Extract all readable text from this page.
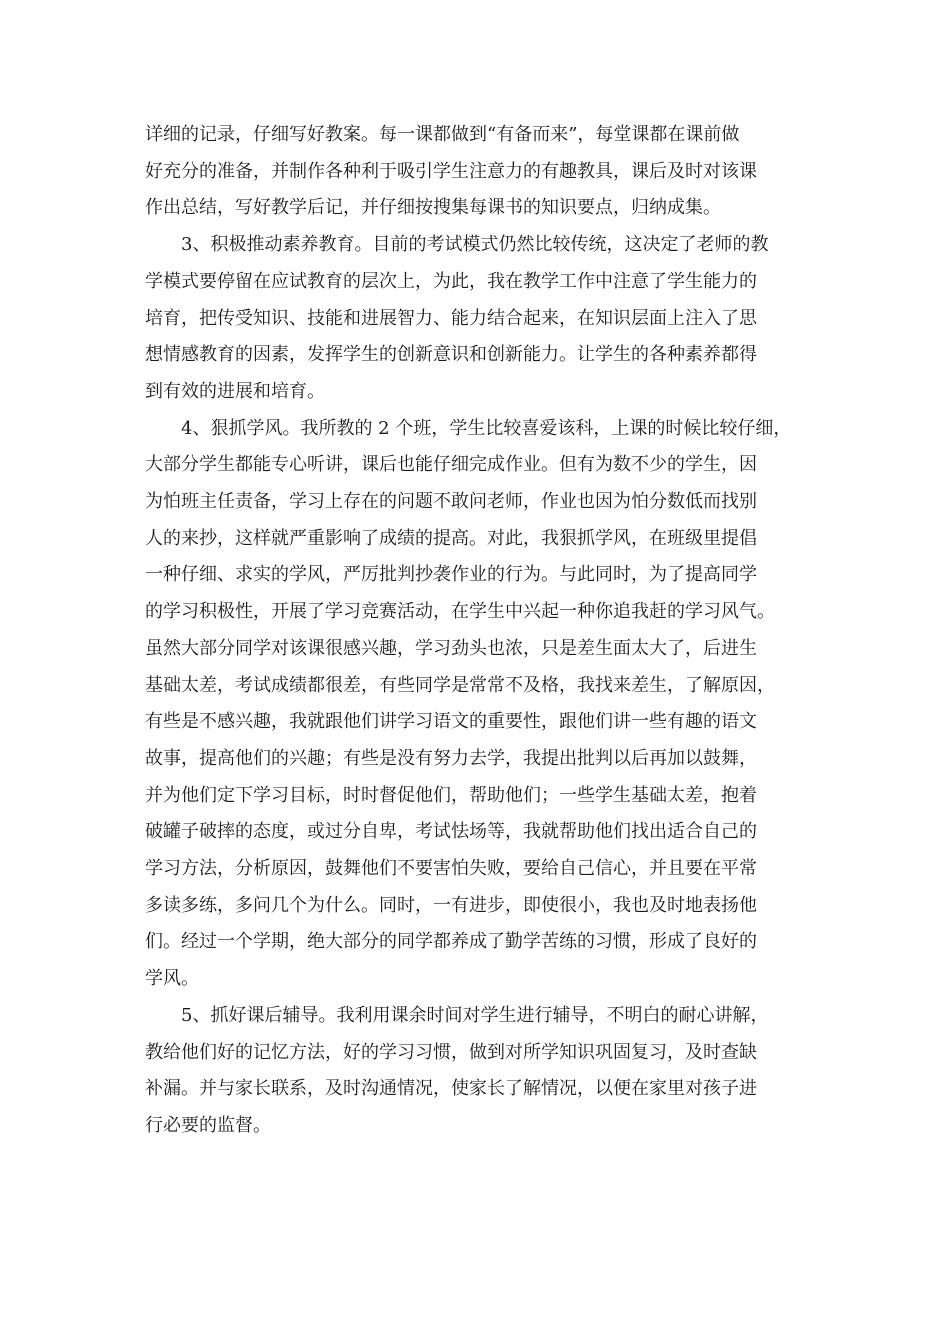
详细的记录，仔细写好教案。每一课都做到“有备而来”，每堂课都在课前做
好充分的准备，并制作各种利于吸引学生注意力的有趣教具，课后及时对该课
作出总结，写好教学后记，并仔细按搜集每课书的知识要点，归纳成集。
3、积极推动素养教育。目前的考试模式仍然比较传统，这决定了老师的教
学模式要停留在应试教育的层次上，为此，我在教学工作中注意了学生能力的
培育，把传受知识、技能和进展智力、能力结合起来，在知识层面上注入了思
想情感教育的因素，发挥学生的创新意识和创新能力。让学生的各种素养都得
到有效的进展和培育。
4、狠抓学风。我所教的 2 个班，学生比较喜爱该科，上课的时候比较仔细，
大部分学生都能专心听讲，课后也能仔细完成作业。但有为数不少的学生，因
为怕班主任责备，学习上存在的问题不敢问老师，作业也因为怕分数低而找别
人的来抄，这样就严重影响了成绩的提高。对此，我狠抓学风，在班级里提倡
一种仔细、求实的学风，严厉批判抄袭作业的行为。与此同时，为了提高同学
的学习积极性，开展了学习竞赛活动，在学生中兴起一种你追我赶的学习风气。
虽然大部分同学对该课很感兴趣，学习劲头也浓，只是差生面太大了，后进生
基础太差，考试成绩都很差，有些同学是常常不及格，我找来差生，了解原因，
有些是不感兴趣，我就跟他们讲学习语文的重要性，跟他们讲一些有趣的语文
故事，提高他们的兴趣；有些是没有努力去学，我提出批判以后再加以鼓舞，
并为他们定下学习目标，时时督促他们，帮助他们；一些学生基础太差，抱着
破罐子破摔的态度，或过分自卑，考试怯场等，我就帮助他们找出适合自己的
学习方法，分析原因，鼓舞他们不要害怕失败，要给自己信心，并且要在平常
多读多练，多问几个为什么。同时，一有进步，即使很小，我也及时地表扬他
们。经过一个学期，绝大部分的同学都养成了勤学苦练的习惯，形成了良好的
学风。
5、抓好课后辅导。我利用课余时间对学生进行辅导，不明白的耐心讲解，
教给他们好的记忆方法，好的学习习惯，做到对所学知识巩固复习，及时查缺
补漏。并与家长联系，及时沟通情况，使家长了解情况，以便在家里对孩子进
行必要的监督。
